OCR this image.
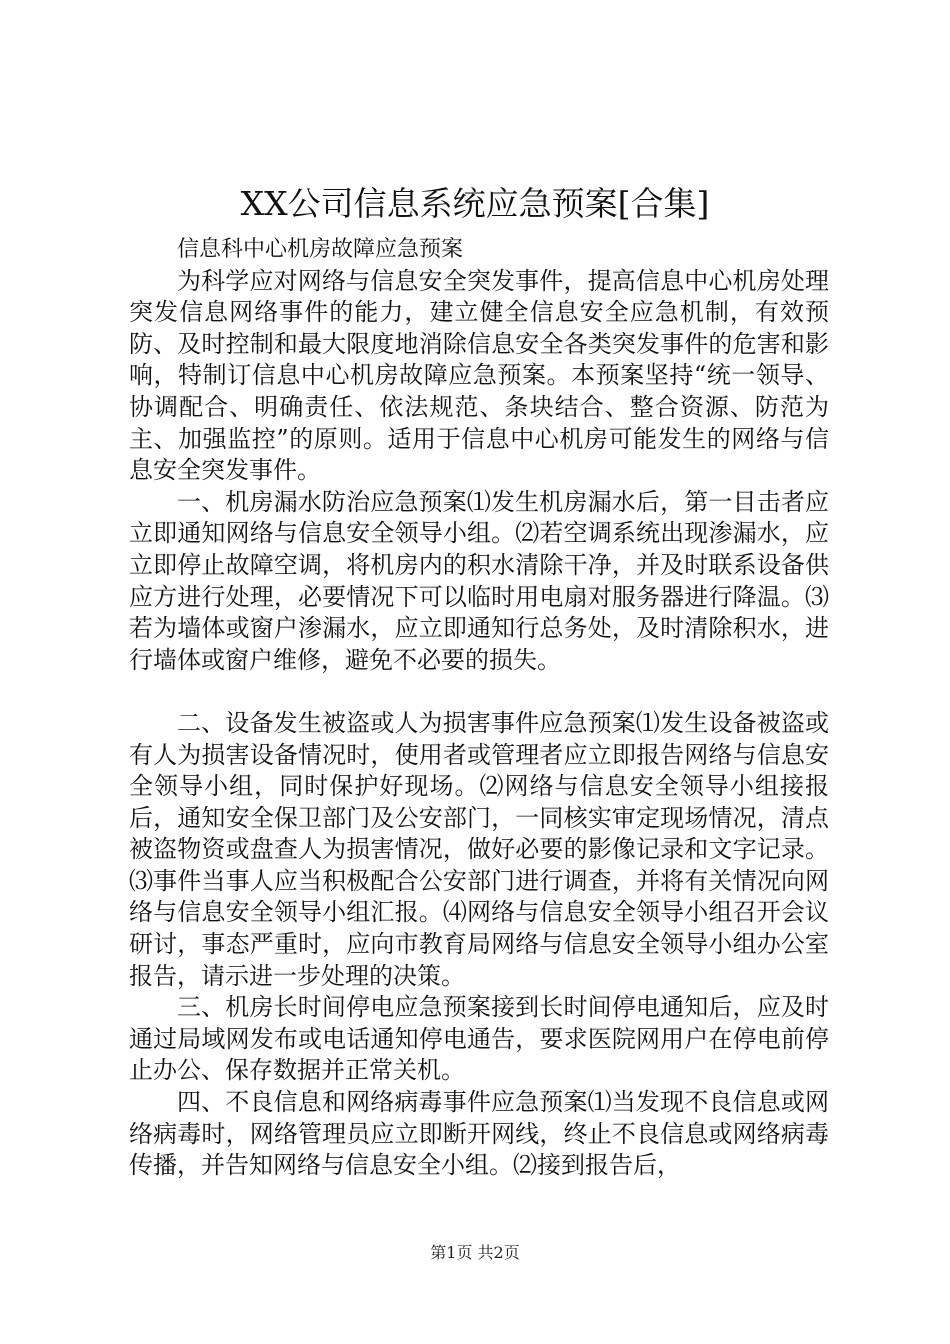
XX公司信息系统应急预案[合集]

信息科中心机房故障应急预案

为科学应对网络与信息安全突发事件，提高信息中心机房处理突发信息网络事件的能力，建立健全信息安全应急机制，有效预防、及时控制和最大限度地消除信息安全各类突发事件的危害和影响，特制订信息中心机房故障应急预案。本预案坚持“统一领导、协调配合、明确责任、依法规范、条块结合、整合资源、防范为主、加强监控”的原则。适用于信息中心机房可能发生的网络与信息安全突发事件。

一、机房漏水防治应急预案⑴发生机房漏水后，第一目击者应立即通知网络与信息安全领导小组。⑵若空调系统出现渗漏水，应立即停止故障空调，将机房内的积水清除干净，并及时联系设备供应方进行处理，必要情况下可以临时用电扇对服务器进行降温。⑶若为墙体或窗户渗漏水，应立即通知行总务处，及时清除积水，进行墙体或窗户维修，避免不必要的损失。

二、设备发生被盗或人为损害事件应急预案⑴发生设备被盗或有人为损害设备情况时，使用者或管理者应立即报告网络与信息安全领导小组，同时保护好现场。⑵网络与信息安全领导小组接报后，通知安全保卫部门及公安部门，一同核实审定现场情况，清点被盗物资或盘查人为损害情况，做好必要的影像记录和文字记录。⑶事件当事人应当积极配合公安部门进行调查，并将有关情况向网络与信息安全领导小组汇报。⑷网络与信息安全领导小组召开会议研讨，事态严重时，应向市教育局网络与信息安全领导小组办公室报告，请示进一步处理的决策。

三、机房长时间停电应急预案接到长时间停电通知后，应及时通过局域网发布或电话通知停电通告，要求医院网用户在停电前停止办公、保存数据并正常关机。

四、不良信息和网络病毒事件应急预案⑴当发现不良信息或网络病毒时，网络管理员应立即断开网线，终止不良信息或网络病毒传播，并告知网络与信息安全小组。⑵接到报告后，

第1页 共2页
